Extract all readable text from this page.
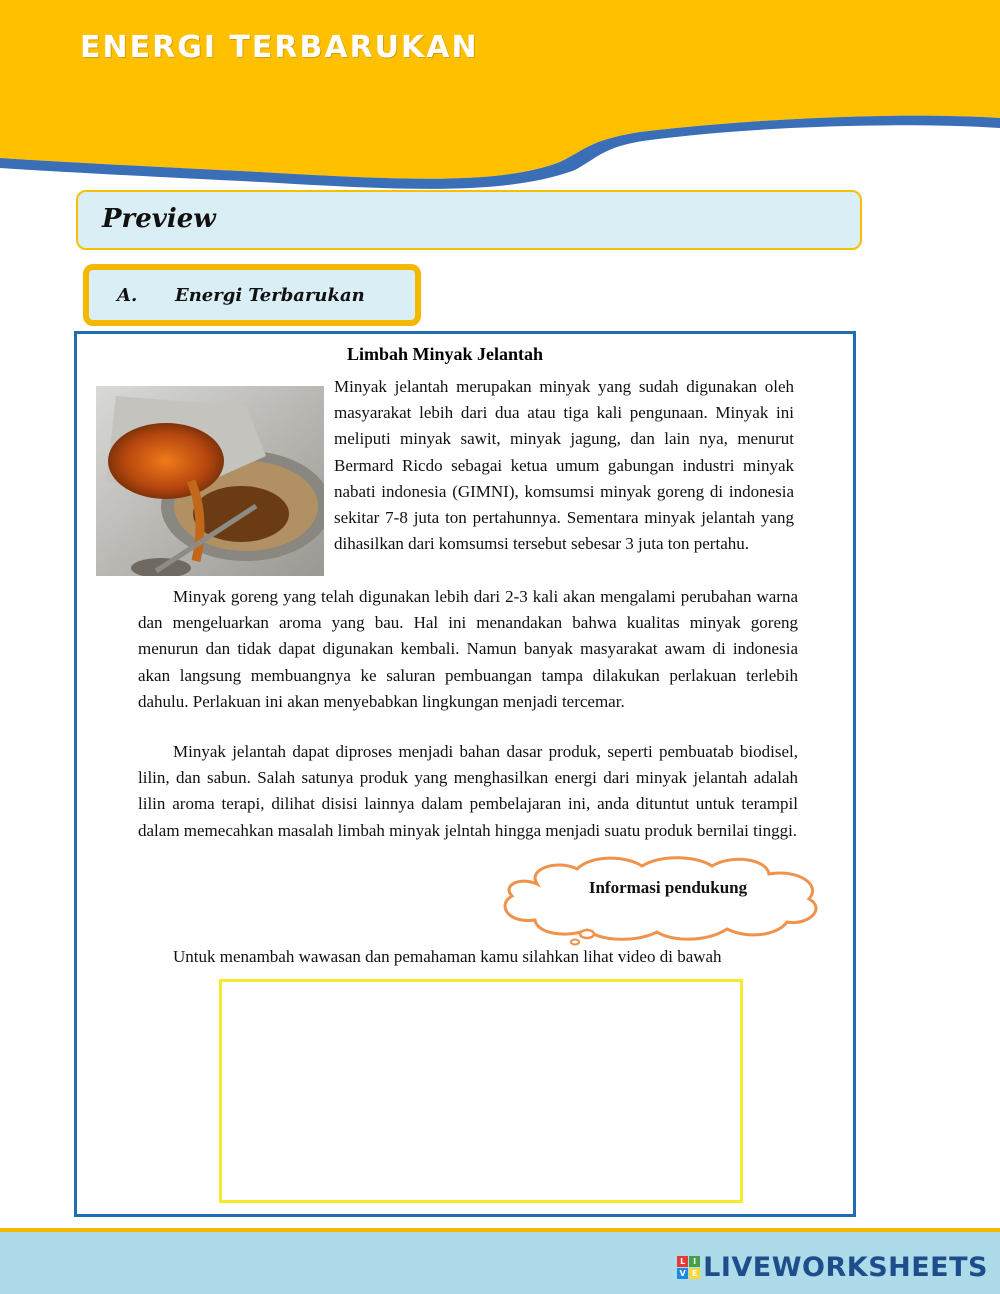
ENERGI TERBARUKAN
Preview
A. Energi Terbarukan
Limbah Minyak Jelantah

Minyak jelantah merupakan minyak yang sudah digunakan oleh masyarakat lebih dari dua atau tiga kali pengunaan. Minyak ini meliputi minyak sawit, minyak jagung, dan lain nya, menurut Bermard Ricdo sebagai ketua umum gabungan industri minyak nabati indonesia (GIMNI), komsumsi minyak goreng di indonesia sekitar 7-8 juta ton pertahunnya. Sementara minyak jelantah yang dihasilkan dari komsumsi tersebut sebesar 3 juta ton pertahu.

Minyak goreng yang telah digunakan lebih dari 2-3 kali akan mengalami perubahan warna dan mengeluarkan aroma yang bau. Hal ini menandakan bahwa kualitas minyak goreng menurun dan tidak dapat digunakan kembali. Namun banyak masyarakat awam di indonesia akan langsung membuangnya ke saluran pembuangan tampa dilakukan perlakuan terlebih dahulu. Perlakuan ini akan menyebabkan lingkungan menjadi tercemar.

Minyak jelantah dapat diproses menjadi bahan dasar produk, seperti pembuatab biodisel, lilin, dan sabun. Salah satunya produk yang menghasilkan energi dari minyak jelantah adalah lilin aroma terapi, dilihat disisi lainnya dalam pembelajaran ini, anda dituntut untuk terampil dalam memecahkan masalah limbah minyak jelntah hingga menjadi suatu produk bernilai tinggi.

Informasi pendukung
Untuk menambah wawasan dan pemahaman kamu silahkan lihat video di bawah
L I
V E LIVEWORKSHEETS
